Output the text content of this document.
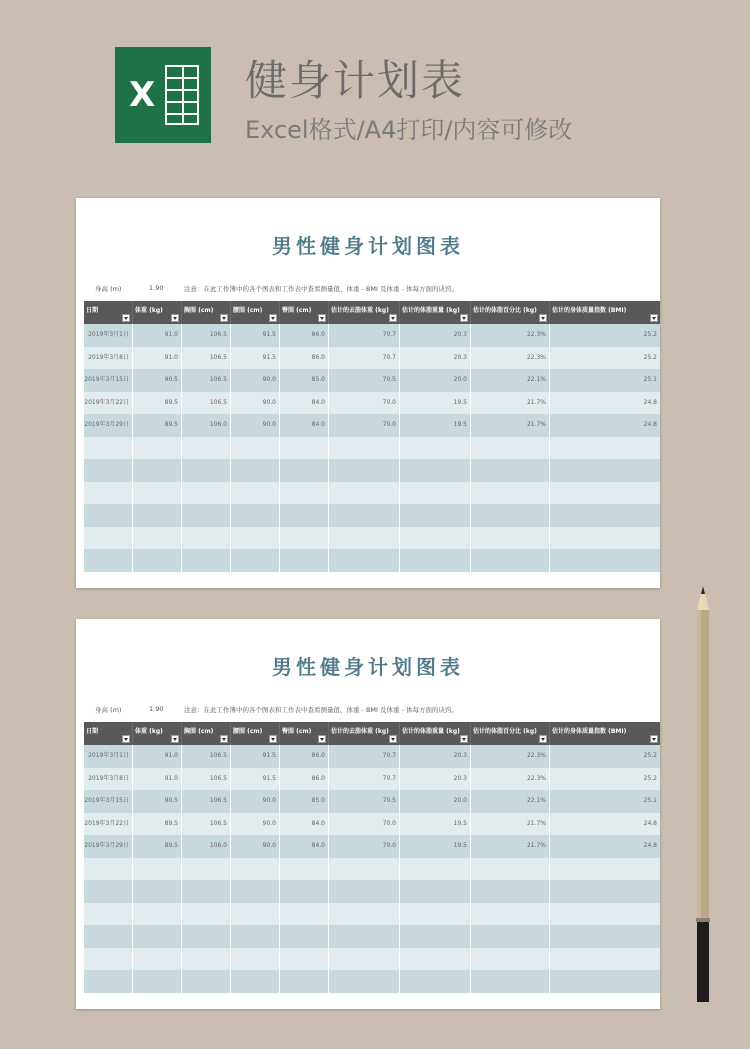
X 健身计划表
Excel格式/A4打印/内容可修改
男性健身计划图表
身高 (m)	1.90	注意：在此工作簿中的各个图表和工作表中查看测量值、体重 - BMI 及体重 - 体每方面的诀窍。
日期	体重 (kg)	胸围 (cm)	腰围 (cm)	臀围 (cm)	估计的去脂体重 (kg)	估计的体脂重量 (kg)	估计的体脂百分比 (kg)	估计的身体质量指数 (BMI)
2019年3月1日	91.0	106.5	91.5	86.0	70.7	20.3	22.3%	25.2
2019年3月8日	91.0	106.5	91.5	86.0	70.7	20.3	22.3%	25.2
2019年3月15日	90.5	106.5	90.0	85.0	70.5	20.0	22.1%	25.1
2019年3月22日	89.5	106.5	90.0	84.0	70.0	19.5	21.7%	24.8
2019年3月29日	89.5	106.0	90.0	84.0	70.0	19.5	21.7%	24.8
男性健身计划图表
身高 (m)	1.90	注意：在此工作簿中的各个图表和工作表中查看测量值、体重 - BMI 及体重 - 体每方面的诀窍。
日期	体重 (kg)	胸围 (cm)	腰围 (cm)	臀围 (cm)	估计的去脂体重 (kg)	估计的体脂重量 (kg)	估计的体脂百分比 (kg)	估计的身体质量指数 (BMI)
2019年3月1日	91.0	106.5	91.5	86.0	70.7	20.3	22.3%	25.2
2019年3月8日	91.0	106.5	91.5	86.0	70.7	20.3	22.3%	25.2
2019年3月15日	90.5	106.5	90.0	85.0	70.5	20.0	22.1%	25.1
2019年3月22日	89.5	106.5	90.0	84.0	70.0	19.5	21.7%	24.8
2019年3月29日	89.5	106.0	90.0	84.0	70.0	19.5	21.7%	24.8
